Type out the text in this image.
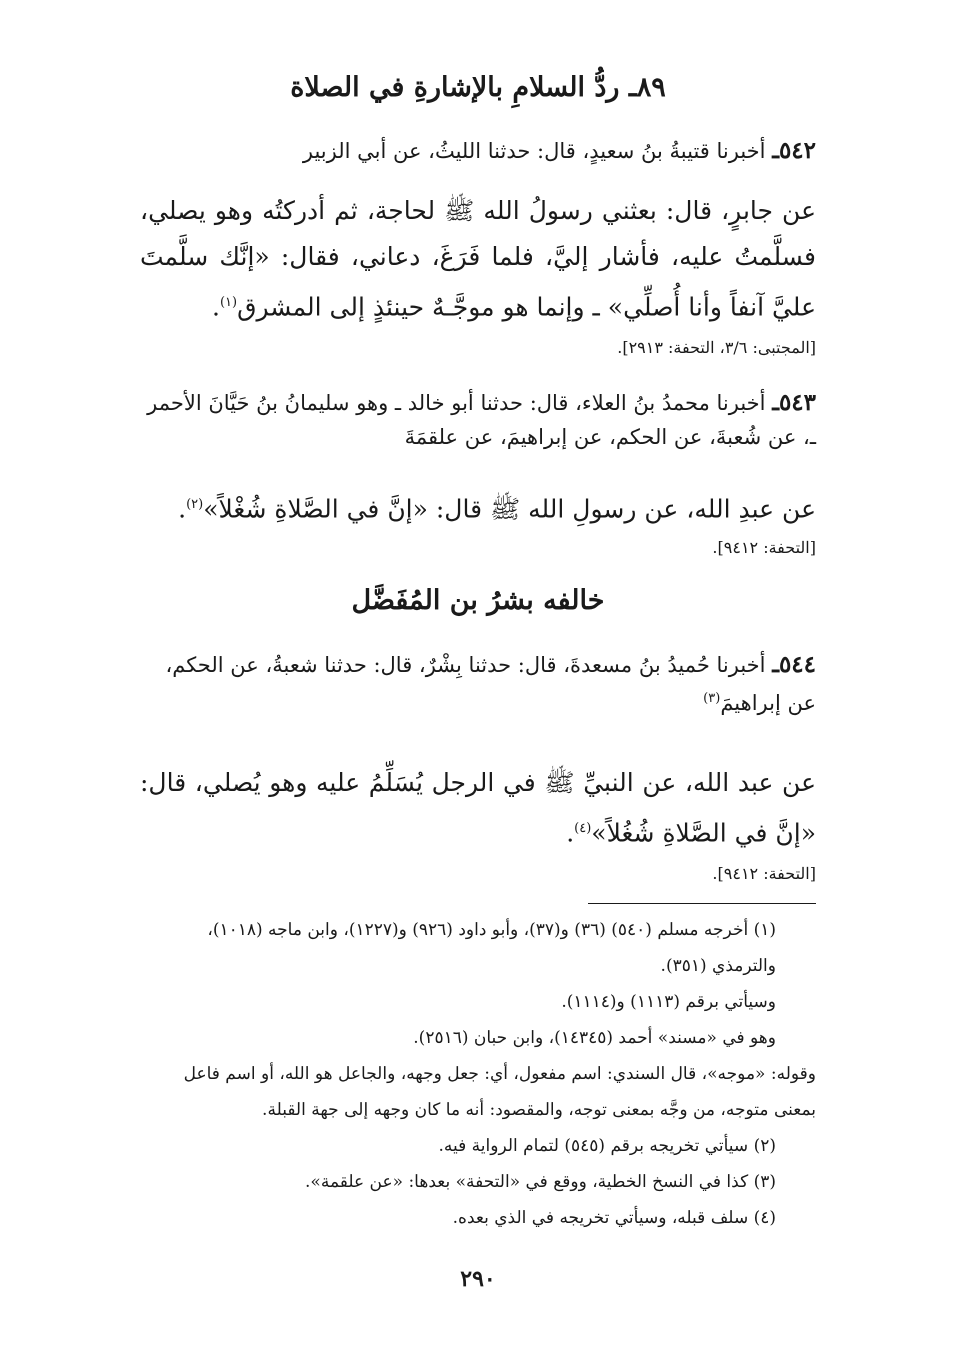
٨٩ـ ردُّ السلامِ بالإشارةِ في الصلاة
٥٤٢ـ أخبرنا قتيبةُ بنُ سعيدٍ، قال: حدثنا الليثُ، عن أبي الزبير
عن جابرٍ، قال: بعثني رسولُ الله ﷺ لحاجة، ثم أدركتُه وهو يصلي، فسلَّمتُ عليه، فأشار إليَّ، فلما فَرَغَ، دعاني، فقال: «إنَّك سلَّمتَ عليَّ آنفاً وأنا أُصلِّي» ـ وإنما هو موجَّـهٌ حينئذٍ إلى المشرق$^{(١)}$.
[المجتبى: ٣/٦، التحفة: ٢٩١٣].
٥٤٣ـ أخبرنا محمدُ بنُ العلاء، قال: حدثنا أبو خالد ـ وهو سليمانُ بنُ حَيَّانَ الأحمر ـ، عن شُعبةَ، عن الحكم، عن إبراهيمَ، عن علقمَةَ
عن عبدِ الله، عن رسولِ الله ﷺ قال: «إنَّ في الصَّلاةِ شُغْلاً»$^{(٢)}$.
[التحفة: ٩٤١٢].
خالفه بشرُ بن المُفَضَّل
٥٤٤ـ أخبرنا حُميدُ بنُ مسعدةَ، قال: حدثنا بِشْرٌ، قال: حدثنا شعبةُ، عن الحكم، عن إبراهيمَ$^{(٣)}$
عن عبد الله، عن النبيِّ ﷺ في الرجل يُسَلِّمُ عليه وهو يُصلي، قال: «إنَّ في الصَّلاةِ شُغُلاً»$^{(٤)}$.
[التحفة: ٩٤١٢].

(١) أخرجه مسلم (٥٤٠) (٣٦) و(٣٧)، وأبو داود (٩٢٦) و(١٢٢٧)، وابن ماجه (١٠١٨)، والترمذي (٣٥١).

وسيأتي برقم (١١١٣) و(١١١٤).

وهو في «مسند» أحمد (١٤٣٤٥)، وابن حبان (٢٥١٦).

وقوله: «موجه»، قال السندي: اسم مفعول، أي: جعل وجهه، والجاعل هو الله، أو اسم فاعل بمعنى متوجه، من وجَّه بمعنى توجه، والمقصود: أنه ما كان وجهه إلى جهة القبلة.

(٢) سيأتي تخريجه برقم (٥٤٥) لتمام الرواية فيه.

(٣) كذا في النسخ الخطية، ووقع في «التحفة» بعدها: «عن علقمة».

(٤) سلف قبله، وسيأتي تخريجه في الذي بعده.

٢٩٠
